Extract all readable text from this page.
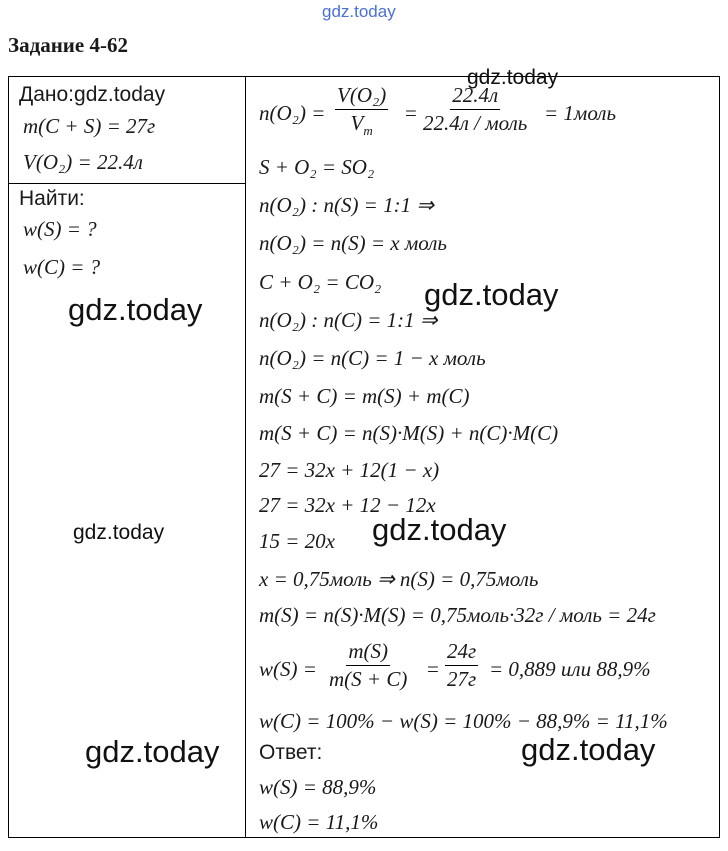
gdz.today
Задание 4-62
Дано:gdz.today
m(C + S) = 27г
V(O₂) = 22.4л
Найти:
w(S) = ?
w(C) = ?
$n(O_2) = \frac{\text{V(O₂)}}{V_m}$ =
22.4л
22.4л / моль = 1моль
S + O₂ = SO₂
n(O₂) : n(S) = 1:1 ⇒
n(O₂) = n(S) = x моль
C + O₂ = CO₂
n(O₂) : n(C) = 1:1 ⇒
n(O₂) = n(C) = 1 − x моль
m(S + C) = m(S) + m(C)
m(S + C) = n(S)·M(S) + n(C)·M(C)
27 = 32x + 12(1 − x)
27 = 32x + 12 − 12x
15 = 20x
x = 0,75моль ⇒ n(S) = 0,75моль
m(S) = n(S)·M(S) = 0,75моль·32г / моль = 24г
$w(S) = \frac{m(S)}{m(S + C)}$ =
24г
27г = 0,889 или 88,9%
w(C) = 100% − w(S) = 100% − 88,9% = 11,1%
Ответ:
w(S) = 88,9%
w(C) = 11,1%
gdz.today
gdz.today	gdz.today
gdz.today	gdz.today
gdz.today	gdz.today
